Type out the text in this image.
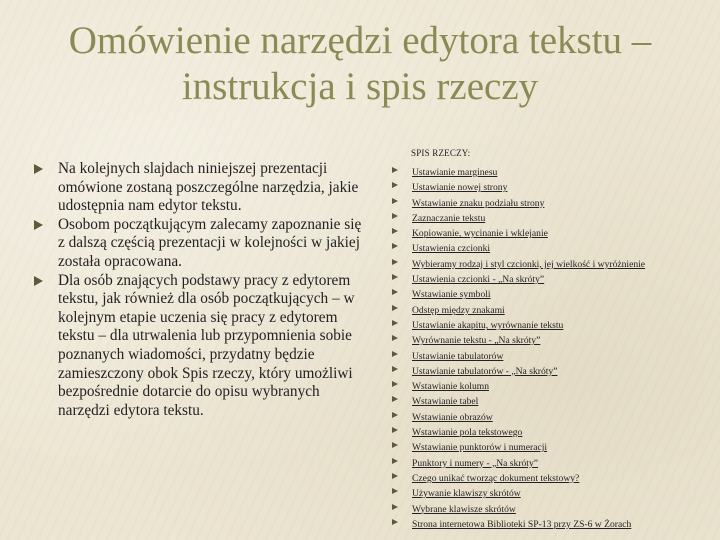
Omówienie narzędzi edytora tekstu –
instrukcja i spis rzeczy
Na kolejnych slajdach niniejszej prezentacji omówione zostaną poszczególne narzędzia, jakie udostępnia nam edytor tekstu.
Osobom początkującym zalecamy zapoznanie się z dalszą częścią prezentacji w kolejności w jakiej została opracowana.
Dla osób znających podstawy pracy z edytorem tekstu, jak również dla osób początkujących – w kolejnym etapie uczenia się pracy z edytorem tekstu – dla utrwalenia lub przypomnienia sobie poznanych wiadomości, przydatny będzie zamieszczony obok Spis rzeczy, który umożliwi bezpośrednie dotarcie do opisu wybranych narzędzi edytora tekstu.
SPIS RZECZY:
Ustawianie marginesu
Ustawianie nowej strony
Wstawianie znaku podziału strony
Zaznaczanie tekstu
Kopiowanie, wycinanie i wklejanie
Ustawienia czcionki
Wybieramy rodzaj i styl czcionki, jej wielkość i wyróżnienie
Ustawienia czcionki - „Na skróty”
Wstawianie symboli
Odstęp między znakami
Ustawianie akapitu, wyrównanie tekstu
Wyrównanie tekstu - „Na skróty”
Ustawianie tabulatorów
Ustawianie tabulatorów - „Na skróty”
Wstawianie kolumn
Wstawianie tabel
Wstawianie obrazów
Wstawianie pola tekstowego
Wstawianie punktorów i numeracji
Punktory i numery - „Na skróty”
Czego unikać tworząc dokument tekstowy?
Używanie klawiszy skrótów
Wybrane klawisze skrótów
Strona internetowa Biblioteki SP-13 przy ZS-6 w Żorach
